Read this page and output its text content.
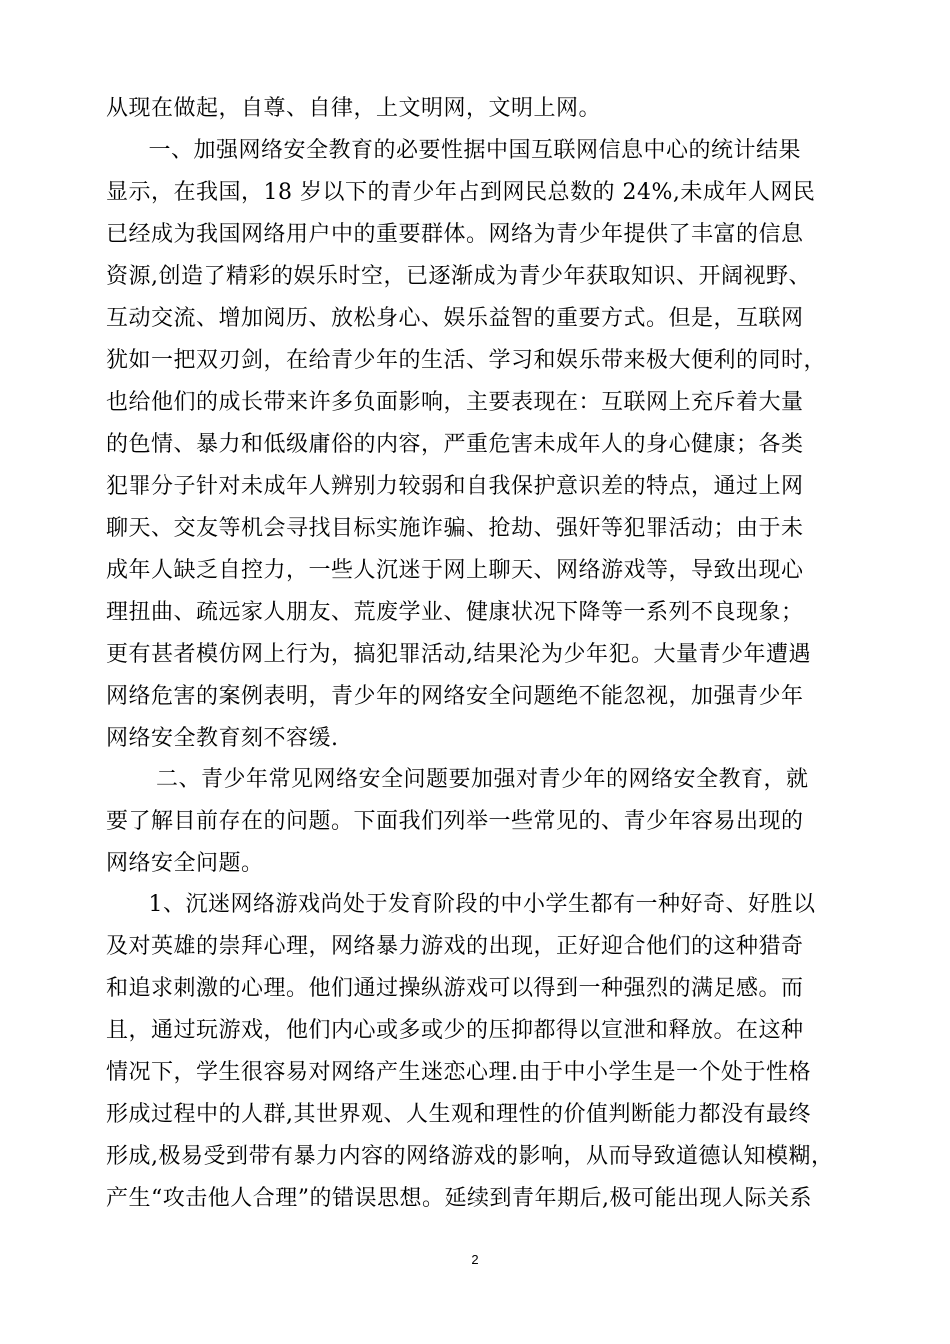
从现在做起，自尊、自律，上文明网，文明上网。
　一、加强网络安全教育的必要性据中国互联网信息中心的统计结果
显示，在我国，18 岁以下的青少年占到网民总数的 24%,未成年人网民
已经成为我国网络用户中的重要群体。网络为青少年提供了丰富的信息
资源,创造了精彩的娱乐时空，已逐渐成为青少年获取知识、开阔视野、
互动交流、增加阅历、放松身心、娱乐益智的重要方式。但是，互联网
犹如一把双刃剑，在给青少年的生活、学习和娱乐带来极大便利的同时，
也给他们的成长带来许多负面影响，主要表现在：互联网上充斥着大量
的色情、暴力和低级庸俗的内容，严重危害未成年人的身心健康；各类
犯罪分子针对未成年人辨别力较弱和自我保护意识差的特点，通过上网
聊天、交友等机会寻找目标实施诈骗、抢劫、强奸等犯罪活动；由于未
成年人缺乏自控力，一些人沉迷于网上聊天、网络游戏等，导致出现心
理扭曲、疏远家人朋友、荒废学业、健康状况下降等一系列不良现象；
更有甚者模仿网上行为，搞犯罪活动,结果沦为少年犯。大量青少年遭遇
网络危害的案例表明，青少年的网络安全问题绝不能忽视，加强青少年
网络安全教育刻不容缓.
　 二、青少年常见网络安全问题要加强对青少年的网络安全教育，就
要了解目前存在的问题。下面我们列举一些常见的、青少年容易出现的
网络安全问题。
　1、沉迷网络游戏尚处于发育阶段的中小学生都有一种好奇、好胜以
及对英雄的崇拜心理，网络暴力游戏的出现，正好迎合他们的这种猎奇
和追求刺激的心理。他们通过操纵游戏可以得到一种强烈的满足感。而
且，通过玩游戏，他们内心或多或少的压抑都得以宣泄和释放。在这种
情况下，学生很容易对网络产生迷恋心理.由于中小学生是一个处于性格
形成过程中的人群,其世界观、人生观和理性的价值判断能力都没有最终
形成,极易受到带有暴力内容的网络游戏的影响，从而导致道德认知模糊，
产生“攻击他人合理”的错误思想。延续到青年期后,极可能出现人际关系
2
